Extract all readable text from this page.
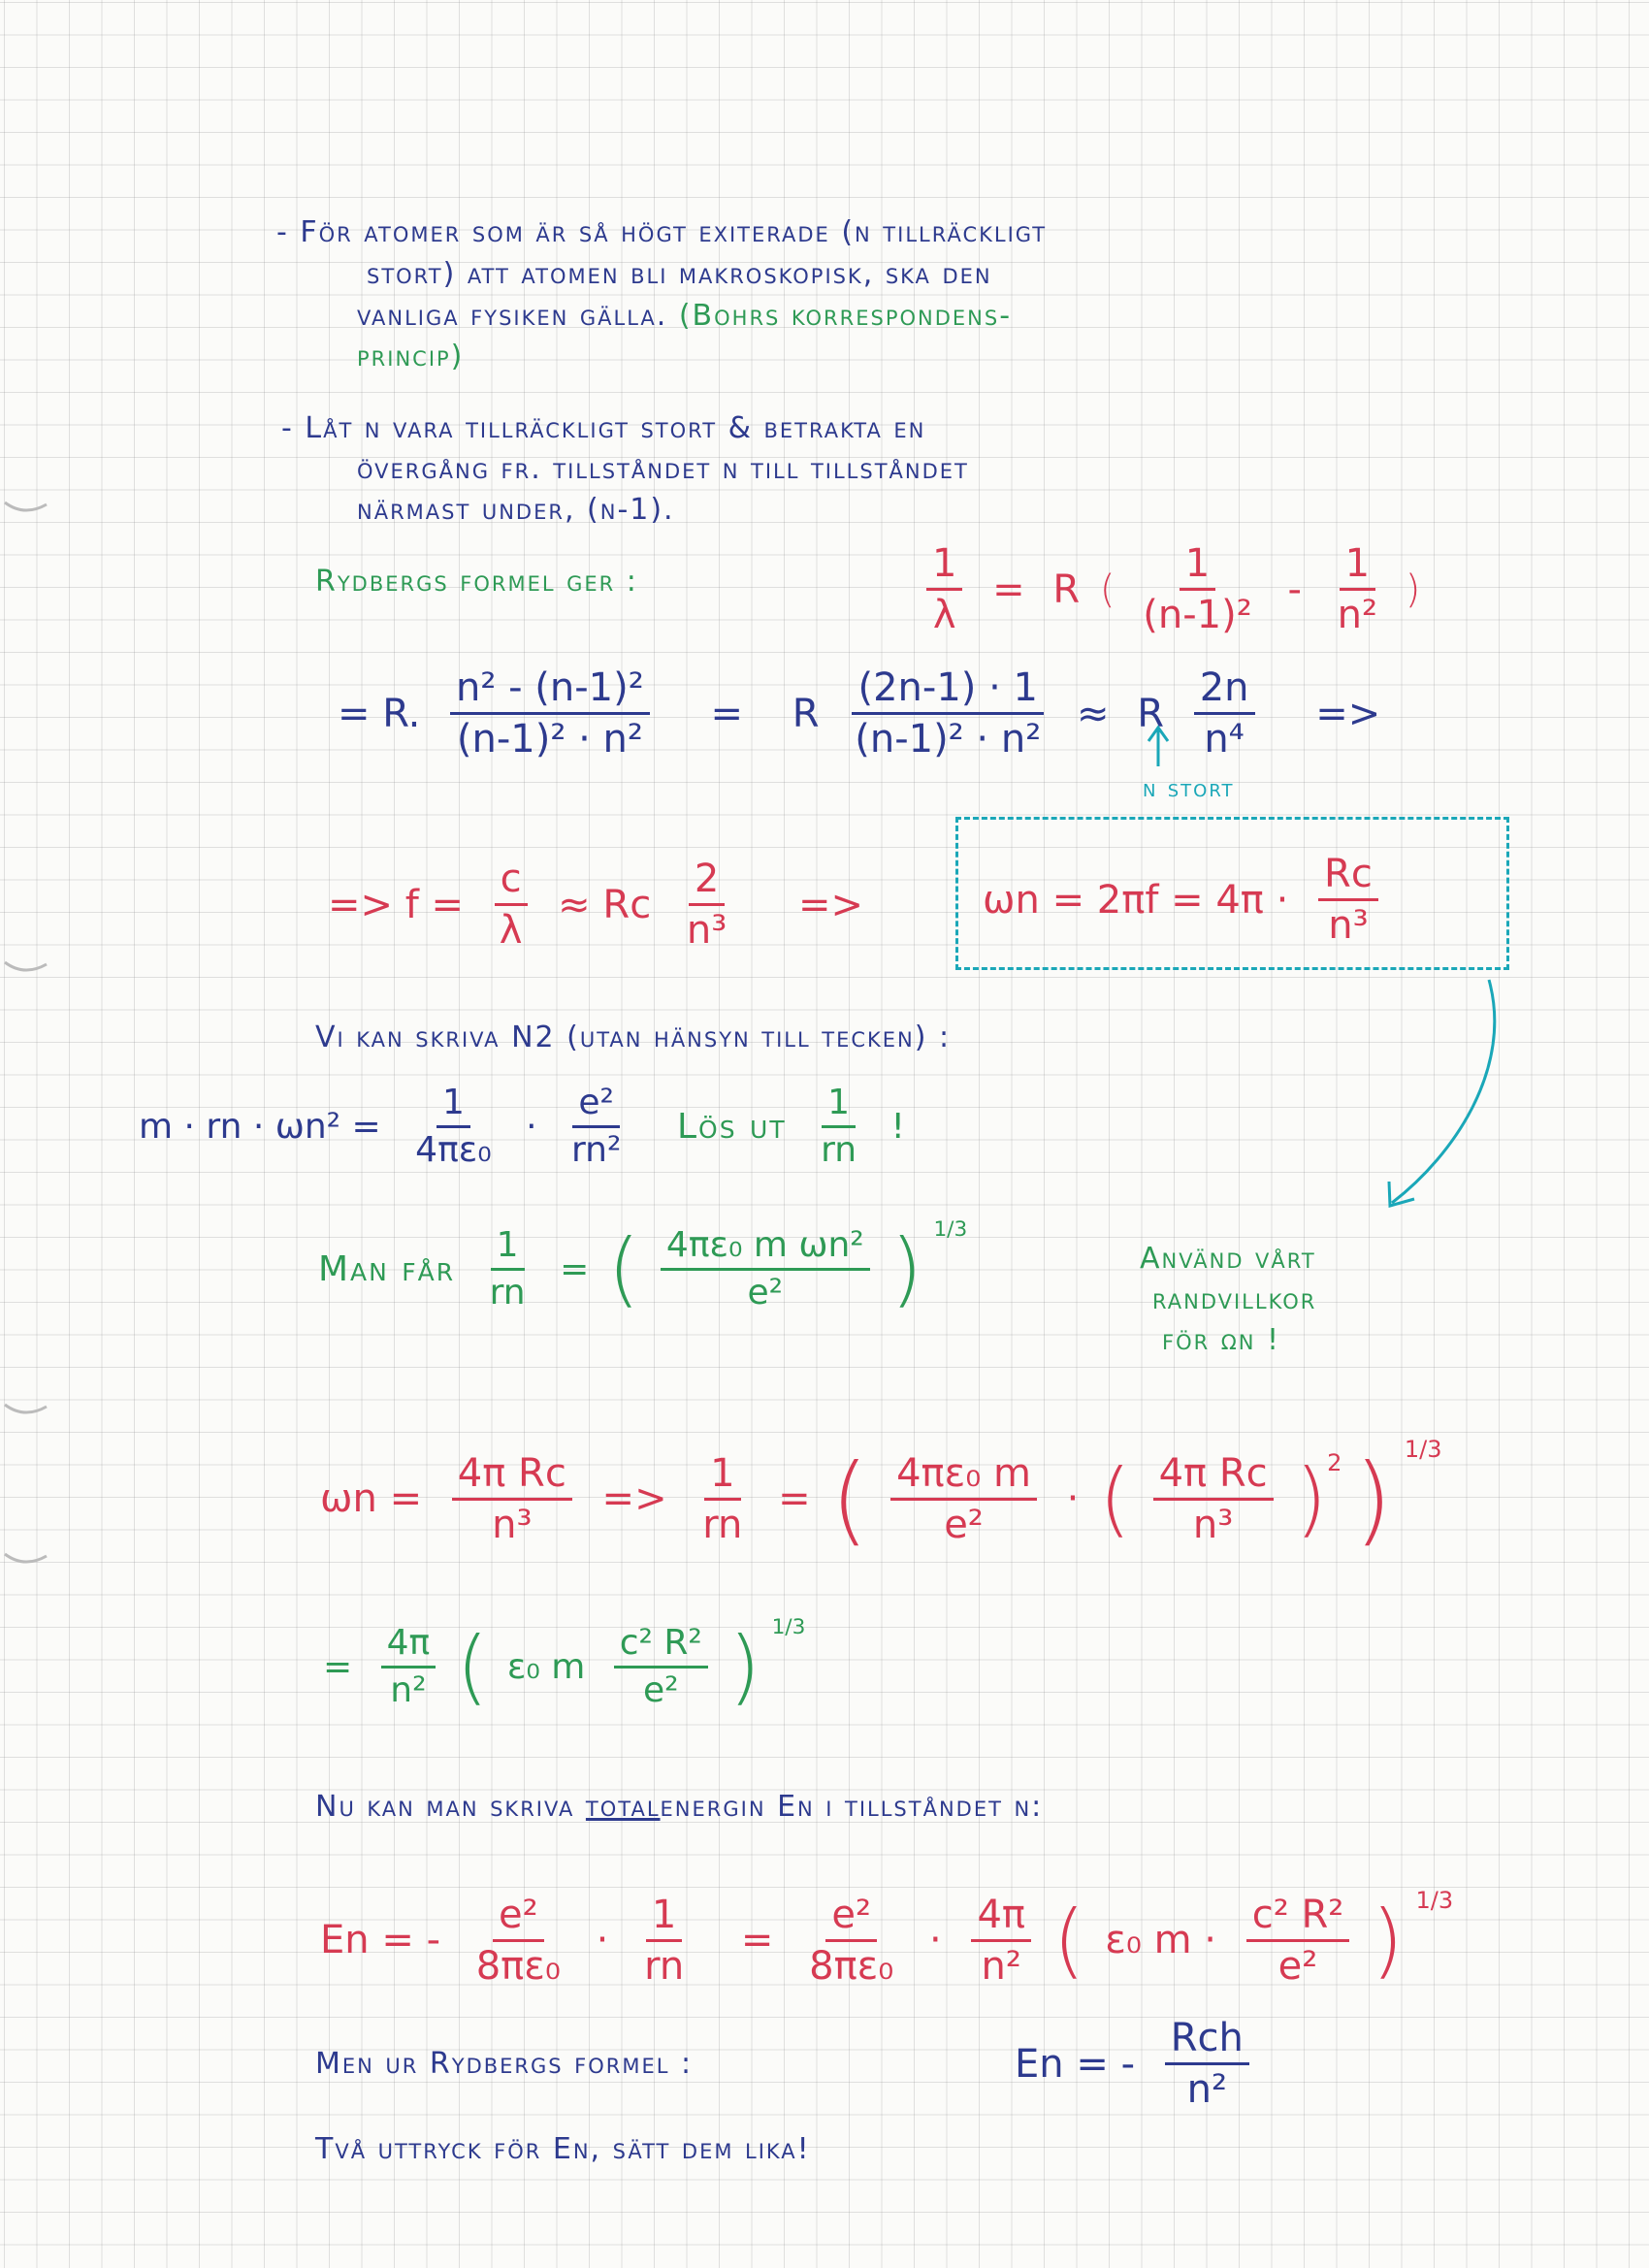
- För atomer som är så högt exiterade (n tillräckligt
stort) att atomen bli makroskopisk, ska den
vanliga fysiken gälla. (Bohrs korrespondens-
princip)
- Låt n vara tillräckligt stort & betrakta en
övergång fr. tillståndet n till tillståndet
närmast under, (n-1).
Rydbergs formel ger :	$\frac{1}{\lambda} = R$ ( $\frac{1}{\text{(n-1)²}} - \frac{1}{\text{n²}}$ )
= R. $\frac{\text{n² - (n-1)²}}{\text{(n-1)² · n²}} = R \frac{(2n-1) \cdot 1}{\text{(n-1)² · n²}} \approx R \frac{2n}{\text{n⁴}}$ =>
n stort
=> $f = \frac{c}{\lambda} \approx Rc \frac{2}{\text{n³}}$ =>	$\omega n = 2\pi f = 4\pi \cdot \frac{Rc}{\text{n³}}$
Vi kan skriva N2 (utan hänsyn till tecken) :
m · rn · $\omega n^2 = \frac{1}{\text{4πε₀}} \cdot \frac{\text{e²}}{\text{rn²}}$ Lös ut $\frac{1}{rn}$ !
Man får $\frac{1}{rn}$ = ( $\frac{\text{4πε₀ m ωn²}}{\text{e²}}$ ) $^{1/3}$
Använd vårt
randvillkor
för ωn !
$\omega n = \frac{\text{4π Rc}}{\text{n³}} => \frac{1}{rn}$ = ( $\frac{\text{4πε₀ m}}{\text{e²}}$ · ( $\frac{\text{4π Rc}}{\text{n³}} )^2$ ) $^{1/3}$
= $\frac{4\pi}{\text{n²}}$ ( ε₀ m $\frac{\text{c² R²}}{\text{e²}}$ ) $^{1/3}$
Nu kan man skriva totalenergin En i tillståndet n:
En = - $\frac{\text{e²}}{\text{8πε₀}} \cdot \frac{1}{rn} = \frac{\text{e²}}{\text{8πε₀}} \cdot \frac{4\pi}{\text{n²}}$ ( ε₀ $m \cdot \frac{\text{c² R²}}{\text{e²}}$ ) $^{1/3}$
Men ur Rydbergs formel :	En = - $\frac{\text{Rch}}{\text{n²}}$
Två uttryck för En, sätt dem lika!
